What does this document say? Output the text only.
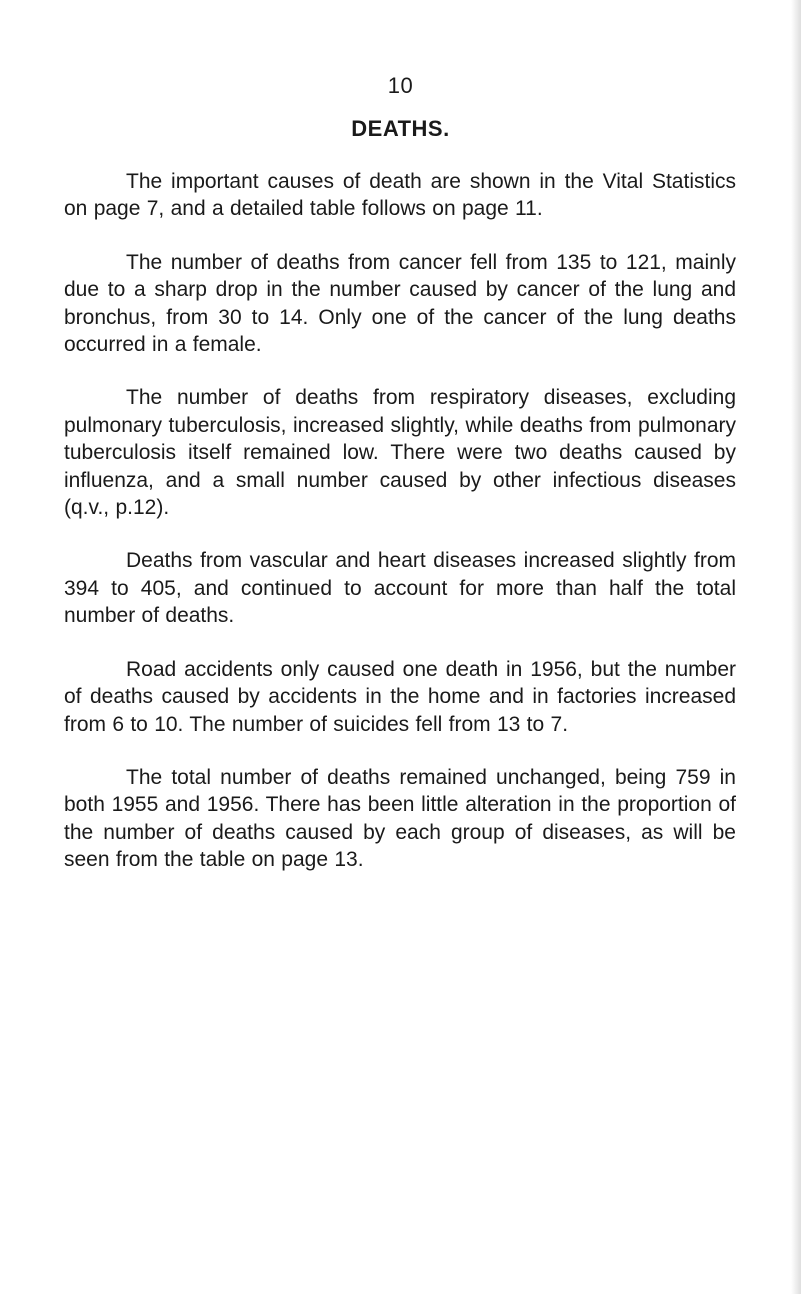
10
DEATHS.

The important causes of death are shown in the Vital Statistics on page 7, and a detailed table follows on page 11.

The number of deaths from cancer fell from 135 to 121, mainly due to a sharp drop in the number caused by cancer of the lung and bronchus, from 30 to 14. Only one of the cancer of the lung deaths occurred in a female.

The number of deaths from respiratory diseases, excluding pulmonary tuberculosis, increased slightly, while deaths from pulmonary tuberculosis itself remained low. There were two deaths caused by influenza, and a small number caused by other infectious diseases (q.v., p.12).

Deaths from vascular and heart diseases increased slightly from 394 to 405, and continued to account for more than half the total number of deaths.

Road accidents only caused one death in 1956, but the number of deaths caused by accidents in the home and in factories increased from 6 to 10. The number of suicides fell from 13 to 7.

The total number of deaths remained unchanged, being 759 in both 1955 and 1956. There has been little alteration in the proportion of the number of deaths caused by each group of diseases, as will be seen from the table on page 13.
